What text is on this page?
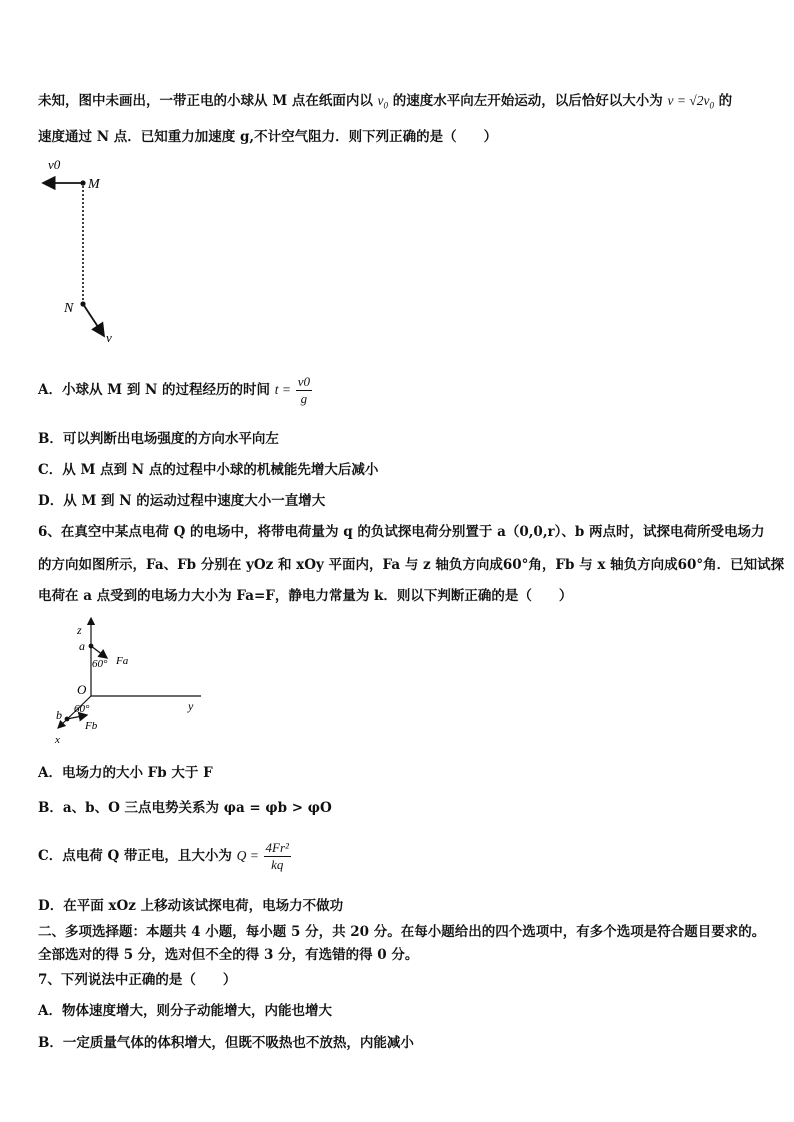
未知，图中未画出，一带正电的小球从 M 点在纸面内以 $v_0$ 的速度水平向左开始运动，以后恰好以大小为 $v = √2v_0$ 的
速度通过 N 点．已知重力加速度 g,不计空气阻力．则下列正确的是（　　）
v0
M
N
v
A．小球从 M 到 N 的过程经历的时间 $t = \frac{v0}{g}$
B．可以判断出电场强度的方向水平向左
C．从 M 点到 N 点的过程中小球的机械能先增大后减小
D．从 M 到 N 的运动过程中速度大小一直增大
6、在真空中某点电荷 Q 的电场中，将带电荷量为 q 的负试探电荷分别置于 a（0,0,r）、b 两点时，试探电荷所受电场力
的方向如图所示，Fa、Fb 分别在 yOz 和 xOy 平面内，Fa 与 z 轴负方向成60°角，Fb 与 x 轴负方向成60°角．已知试探
电荷在 a 点受到的电场力大小为 Fa=F，静电力常量为 k．则以下判断正确的是（　　）
z
y
x
O
a
60° Fa
b 60°
Fb
A．电场力的大小 Fb 大于 F
B．a、b、O 三点电势关系为 φa = φb > φO
C．点电荷 Q 带正电，且大小为 $Q = \frac{\text{4Fr²}}{kq}$
D．在平面 xOz 上移动该试探电荷，电场力不做功
二、多项选择题：本题共 4 小题，每小题 5 分，共 20 分。在每小题给出的四个选项中，有多个选项是符合题目要求的。
全部选对的得 5 分，选对但不全的得 3 分，有选错的得 0 分。
7、下列说法中正确的是（　　）
A．物体速度增大，则分子动能增大，内能也增大
B．一定质量气体的体积增大，但既不吸热也不放热，内能减小
